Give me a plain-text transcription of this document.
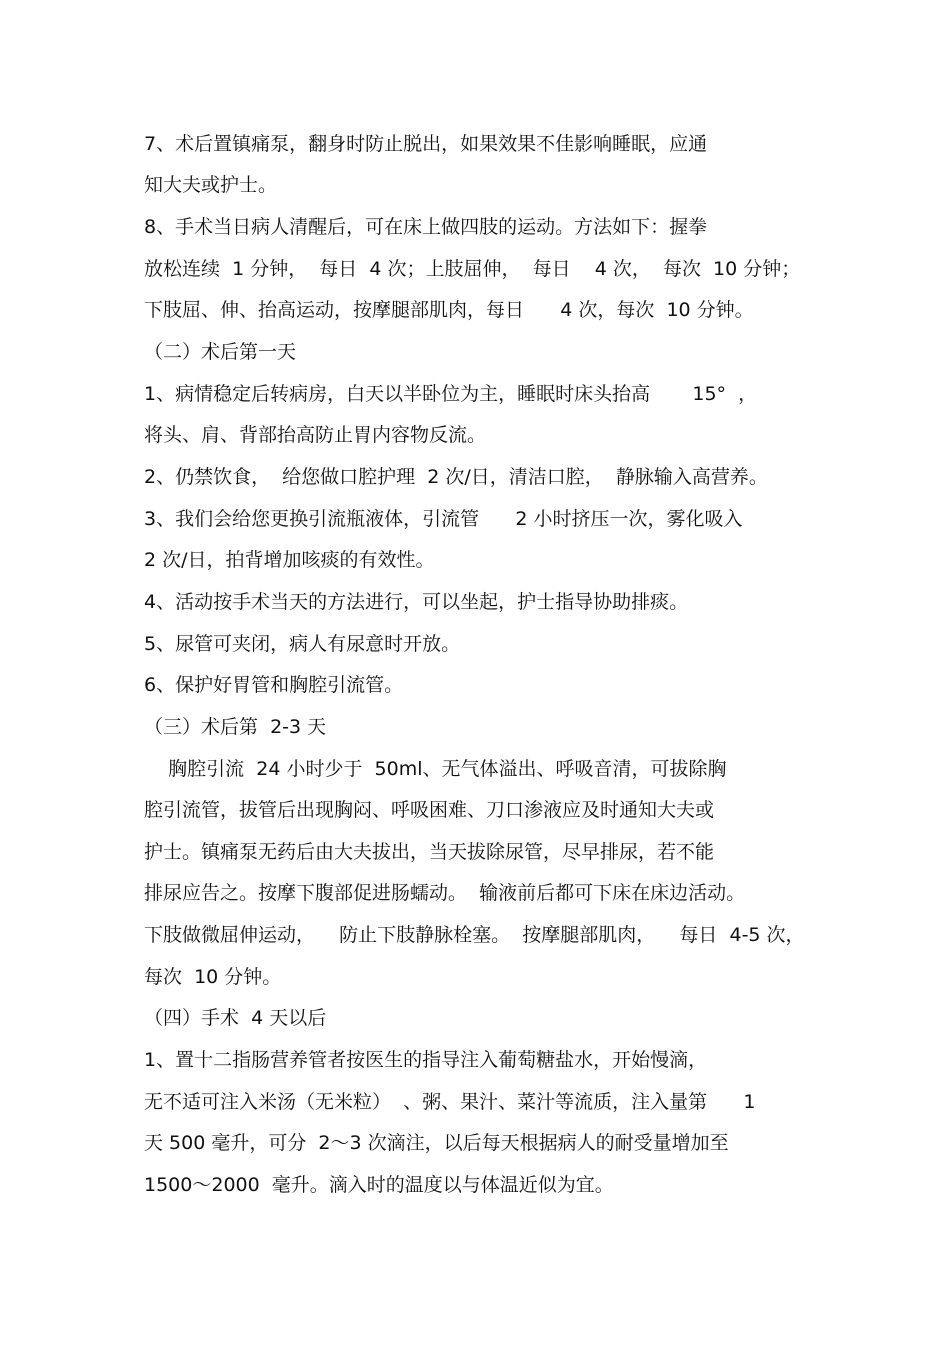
7、术后置镇痛泵，翻身时防止脱出，如果效果不佳影响睡眠，应通
知大夫或护士。
8、手术当日病人清醒后，可在床上做四肢的运动。方法如下：握拳
放松连续  1 分钟，  每日  4 次；上肢屈伸，  每日    4 次，  每次  10 分钟；
下肢屈、伸、抬高运动，按摩腿部肌肉，每日      4 次，每次  10 分钟。
（二）术后第一天
1、病情稳定后转病房，白天以半卧位为主，睡眠时床头抬高       15°  ，
将头、肩、背部抬高防止胃内容物反流。
2、仍禁饮食，  给您做口腔护理  2 次/日，清洁口腔，  静脉输入高营养。
3、我们会给您更换引流瓶液体，引流管      2 小时挤压一次，雾化吸入
2 次/日，拍背增加咳痰的有效性。
4、活动按手术当天的方法进行，可以坐起，护士指导协助排痰。
5、尿管可夹闭，病人有尿意时开放。
6、保护好胃管和胸腔引流管。
（三）术后第  2-3 天
胸腔引流  24 小时少于  50ml、无气体溢出、呼吸音清，可拔除胸
腔引流管，拔管后出现胸闷、呼吸困难、刀口渗液应及时通知大夫或
护士。镇痛泵无药后由大夫拔出，当天拔除尿管，尽早排尿，若不能
排尿应告之。按摩下腹部促进肠蠕动。  输液前后都可下床在床边活动。
下肢做微屈伸运动，    防止下肢静脉栓塞。  按摩腿部肌肉，    每日  4-5 次，
每次  10 分钟。
（四）手术  4 天以后
1、置十二指肠营养管者按医生的指导注入葡萄糖盐水，开始慢滴，
无不适可注入米汤（无米粒）  、粥、果汁、菜汁等流质，注入量第      1
天 500 毫升，可分  2～3 次滴注，以后每天根据病人的耐受量增加至
1500～2000  毫升。滴入时的温度以与体温近似为宜。
